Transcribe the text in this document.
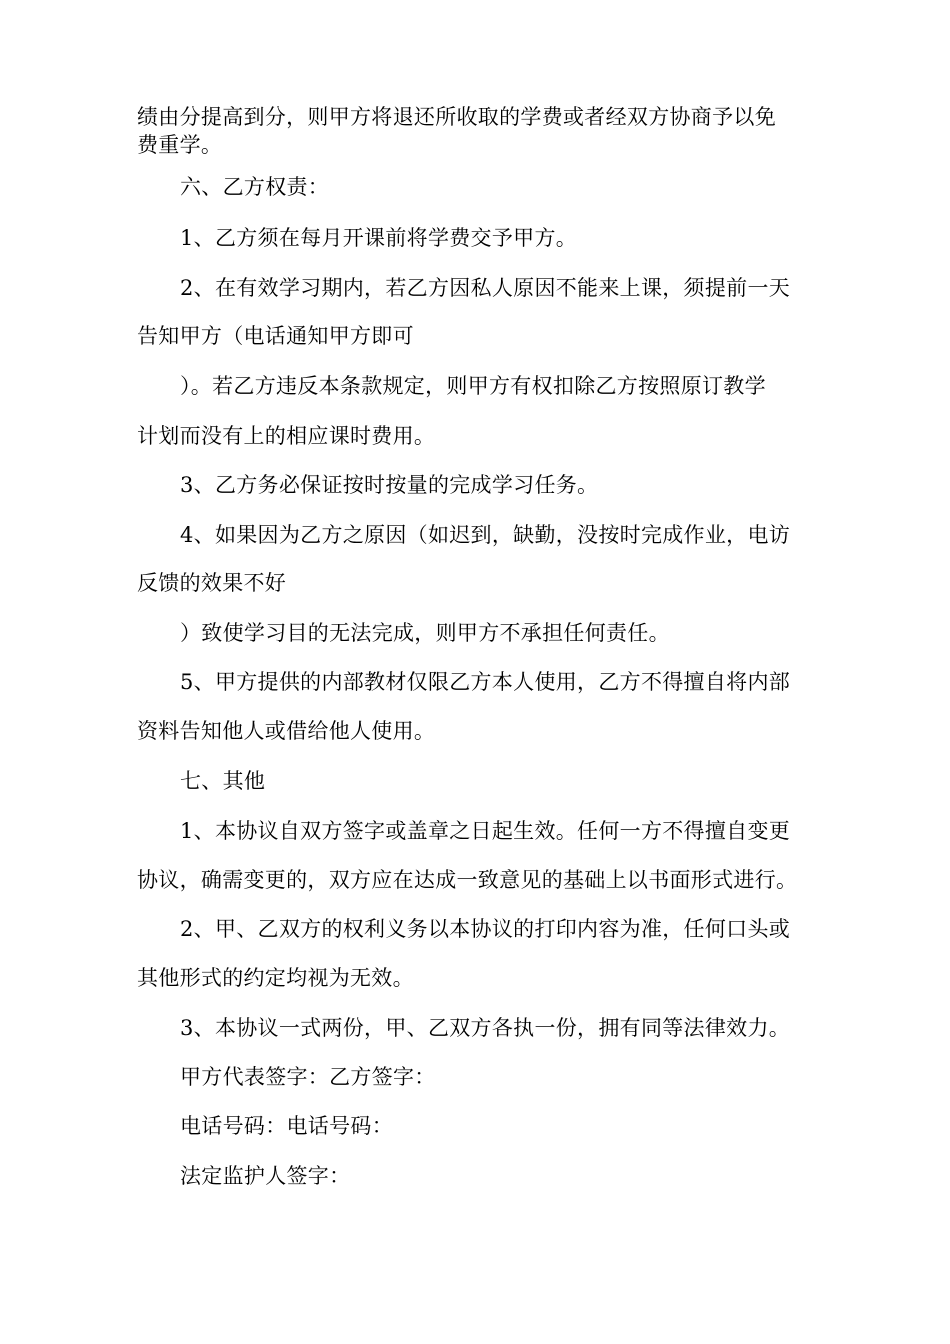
绩由分提高到分，则甲方将退还所收取的学费或者经双方协商予以免
费重学。
六、乙方权责：
1、乙方须在每月开课前将学费交予甲方。
2、在有效学习期内，若乙方因私人原因不能来上课，须提前一天
告知甲方（电话通知甲方即可
）。若乙方违反本条款规定，则甲方有权扣除乙方按照原订教学
计划而没有上的相应课时费用。
3、乙方务必保证按时按量的完成学习任务。
4、如果因为乙方之原因（如迟到，缺勤，没按时完成作业，电访
反馈的效果不好
）致使学习目的无法完成，则甲方不承担任何责任。
5、甲方提供的内部教材仅限乙方本人使用，乙方不得擅自将内部
资料告知他人或借给他人使用。
七、其他
1、本协议自双方签字或盖章之日起生效。任何一方不得擅自变更
协议，确需变更的，双方应在达成一致意见的基础上以书面形式进行。
2、甲、乙双方的权利义务以本协议的打印内容为准，任何口头或
其他形式的约定均视为无效。
3、本协议一式两份，甲、乙双方各执一份，拥有同等法律效力。
甲方代表签字：乙方签字：
电话号码：电话号码：
法定监护人签字：
